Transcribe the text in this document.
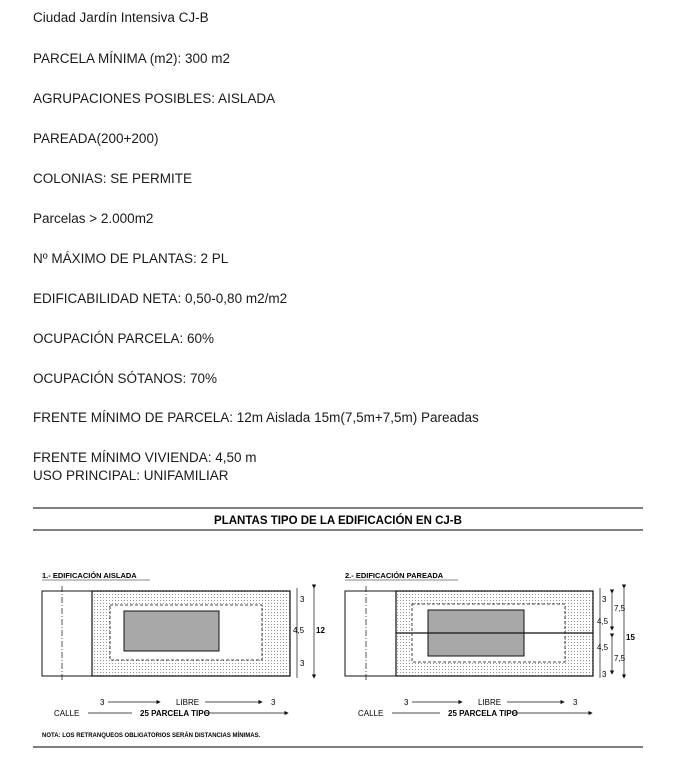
Ciudad Jardín Intensiva CJ-B
PARCELA MÍNIMA (m2): 300 m2
AGRUPACIONES POSIBLES: AISLADA
PAREADA(200+200)
COLONIAS: SE PERMITE
Parcelas > 2.000m2
Nº MÁXIMO DE PLANTAS: 2 PL
EDIFICABILIDAD NETA: 0,50-0,80 m2/m2
OCUPACIÓN PARCELA: 60%
OCUPACIÓN SÓTANOS: 70%
FRENTE MÍNIMO DE PARCELA: 12m Aislada 15m(7,5m+7,5m) Pareadas
FRENTE MÍNIMO VIVIENDA: 4,50 m
USO PRINCIPAL: UNIFAMILIAR
PLANTAS TIPO DE LA EDIFICACIÓN EN CJ-B
1.- EDIFICACIÓN AISLADA
3
4,5 12
3
3	LIBRE	3
CALLE	25 PARCELA TIPO
2.- EDIFICACIÓN PAREADA
3
7,5
4,5
15
4,5
7,5
3
3	LIBRE	3
CALLE	25 PARCELA TIPO
NOTA: LOS RETRANQUEOS OBLIGATORIOS SERÁN DISTANCIAS MÍNIMAS.
